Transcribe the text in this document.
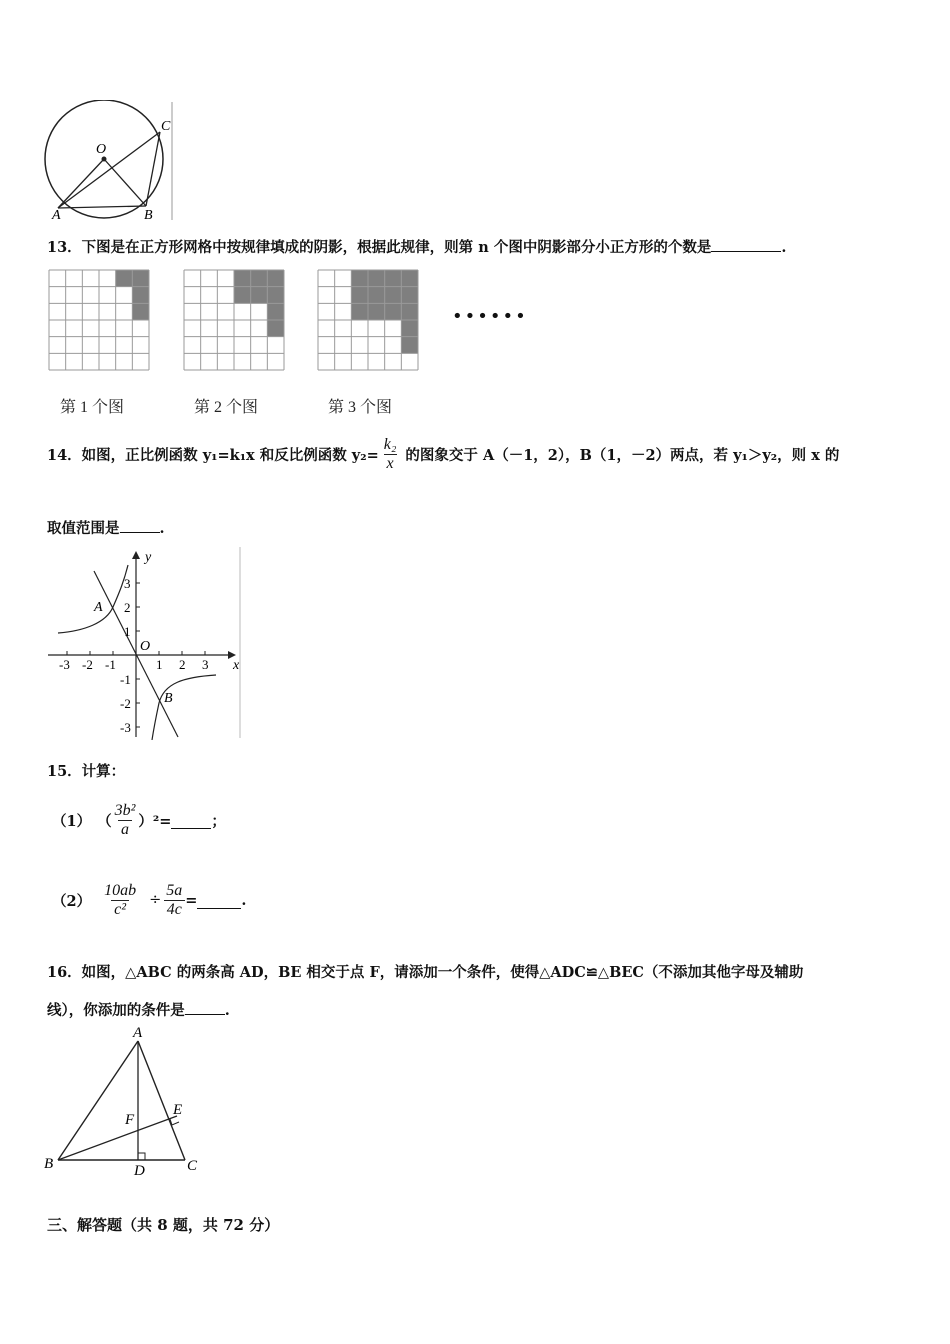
O
A	B
C
13．下图是在正方形网格中按规律填成的阴影，根据此规律，则第 n 个图中阴影部分小正方形的个数是	.
••••••
第 1 个图	第 2 个图	第 3 个图
14．如图，正比例函数 y₁=k₁x 和反比例函数 $y_2= \frac{\text{k₂}}{x}$ 的图象交于 A（－1，2），B（1，－2）两点，若 y₁＞y₂，则 x 的
取值范围是	.
y
x
O
A
B
-3 -2 -1	1 2 3
3
2
1
-1
-2
-3
15．计算：
（1） （ $\frac{\text{3b²}}{a} )^2=$	；
$(2) \frac{10ab}{\text{c²}} \div \frac{5a}{4c}$ =	.
16．如图，△ABC 的两条高 AD，BE 相交于点 F，请添加一个条件，使得△ADC≌△BEC（不添加其他字母及辅助
线），你添加的条件是	.
A
B	C
D
E
F
三、解答题（共 8 题，共 72 分）
